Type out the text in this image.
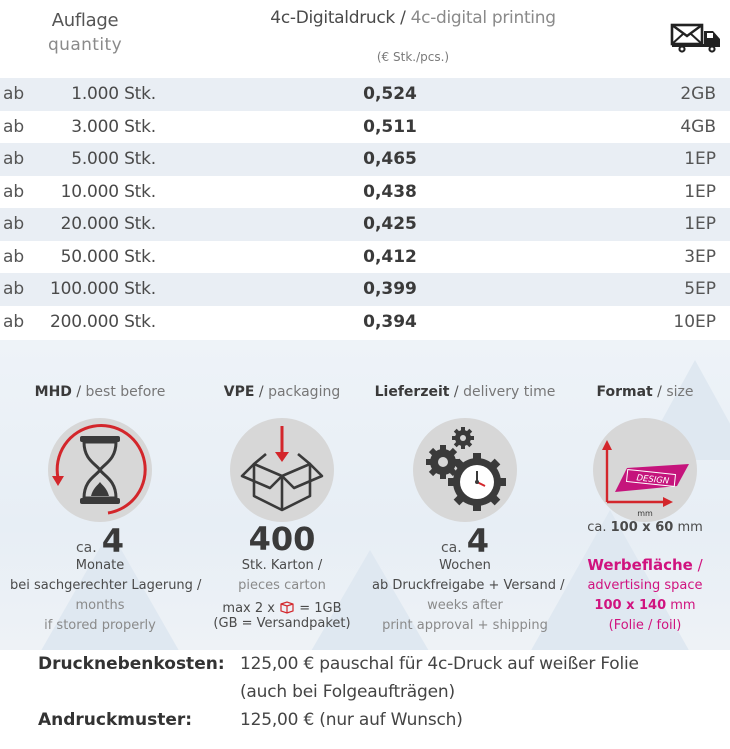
Auflage
quantity
4c-Digitaldruck / 4c-digital printing
(€ Stk./pcs.)
ab	1.000 Stk.	0,524	2GB
ab	3.000 Stk.	0,511	4GB
ab	5.000 Stk.	0,465	1EP
ab	10.000 Stk.	0,438	1EP
ab	20.000 Stk.	0,425	1EP
ab	50.000 Stk.	0,412	3EP
ab	100.000 Stk.	0,399	5EP
ab	200.000 Stk.	0,394	10EP
MHD / best before
ca. 4
Monate
bei sachgerechter Lagerung /
months
if stored properly
VPE / packaging
400
Stk. Karton /
pieces carton
max 2 x = 1GB
(GB = Versandpaket)
Lieferzeit / delivery time
ca. 4
Wochen
ab Druckfreigabe + Versand /
weeks after
print approval + shipping
Format / size
DESIGN
mm
ca. 100 x 60 mm
Werbefläche /
advertising space
100 x 140 mm
(Folie / foil)
Drucknebenkosten: 125,00 € pauschal für 4c-Druck auf weißer Folie
(auch bei Folgeaufträgen)
Andruckmuster:	125,00 € (nur auf Wunsch)
